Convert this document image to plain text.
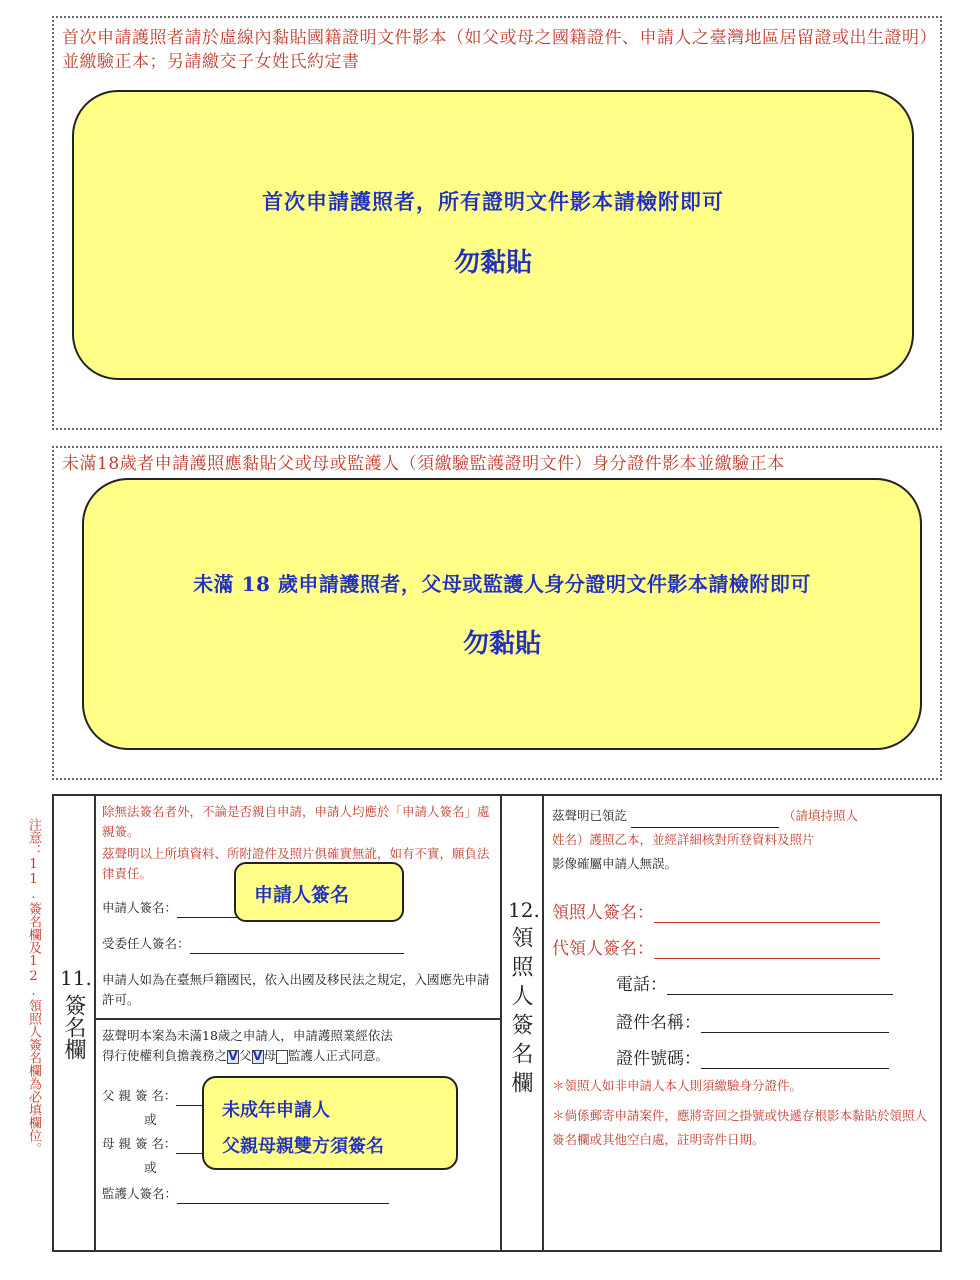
首次申請護照者請於虛線內黏貼國籍證明文件影本（如父或母之國籍證件、申請人之臺灣地區居留證或出生證明）並繳驗正本；另請繳交子女姓氏約定書
首次申請護照者，所有證明文件影本請檢附即可
勿黏貼
未滿18歲者申請護照應黏貼父或母或監護人（須繳驗監護證明文件）身分證件影本並繳驗正本
未滿 18 歲申請護照者，父母或監護人身分證明文件影本請檢附即可
勿黏貼
注意：11.簽名欄及12.領照人簽名欄為必填欄位。 11.
簽名欄
除無法簽名者外，不論是否親自申請，申請人均應於「申請人簽名」處親簽。
茲聲明以上所填資料、所附證件及照片俱確實無訛，如有不實，願負法律責任。
申請人簽名：
受委任人簽名：
申請人如為在臺無戶籍國民，依入出國及移民法之規定，入國應先申請許可。
茲聲明本案為未滿18歲之申請人，申請護照業經依法
得行使權利負擔義務之V父V母 監護人正式同意。
父 親 簽 名：
或
母 親 簽 名：
或
監護人簽名：
申請人簽名
未成年申請人
父親母親雙方須簽名
12.
領照人簽名欄
茲聲明已領訖	（請填持照人
姓名）護照乙本，並經詳細核對所登資料及照片
影像確屬申請人無誤。
領照人簽名：
代領人簽名：
電話：
證件名稱：
證件號碼：
＊領照人如非申請人本人則須繳驗身分證件。
＊倘係郵寄申請案件，應將寄回之掛號或快遞存根影本黏貼於領照人簽名欄或其他空白處，註明寄件日期。
